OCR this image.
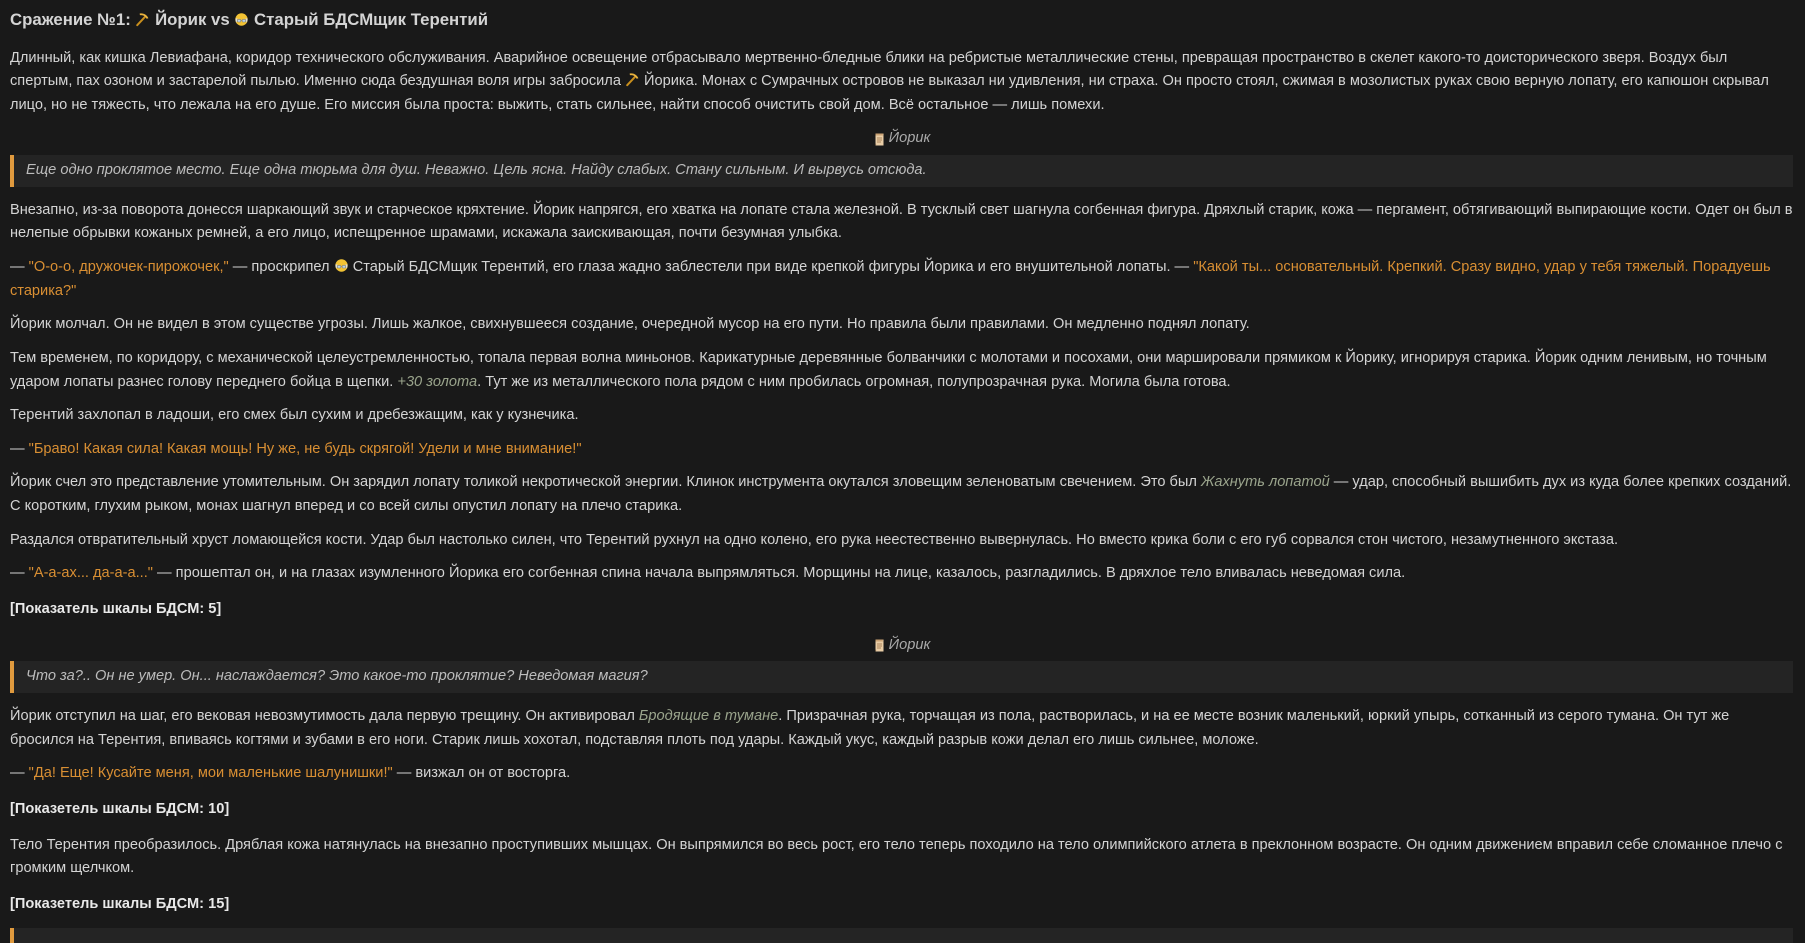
Сражение №1:  Йорик vs  Старый БДСМщик Терентий

Длинный, как кишка Левиафана, коридор технического обслуживания. Аварийное освещение отбрасывало мертвенно-бледные блики на ребристые металлические стены, превращая пространство в скелет какого-то доисторического зверя. Воздух был спертым, пах озоном и застарелой пылью. Именно сюда бездушная воля игры забросила  Йорика. Монах с Сумрачных островов не выказал ни удивления, ни страха. Он просто стоял, сжимая в мозолистых руках свою верную лопату, его капюшон скрывал лицо, но не тяжесть, что лежала на его душе. Его миссия была проста: выжить, стать сильнее, найти способ очистить свой дом. Всё остальное — лишь помехи.

Йорик
Еще одно проклятое место. Еще одна тюрьма для душ. Неважно. Цель ясна. Найду слабых. Стану сильным. И вырвусь отсюда.

Внезапно, из-за поворота донесся шаркающий звук и старческое кряхтение. Йорик напрягся, его хватка на лопате стала железной. В тусклый свет шагнула согбенная фигура. Дряхлый старик, кожа — пергамент, обтягивающий выпирающие кости. Одет он был в нелепые обрывки кожаных ремней, а его лицо, испещренное шрамами, искажала заискивающая, почти безумная улыбка.

— "О-о-о, дружочек-пирожочек," — проскрипел  Старый БДСМщик Терентий, его глаза жадно заблестели при виде крепкой фигуры Йорика и его внушительной лопаты. — "Какой ты... основательный. Крепкий. Сразу видно, удар у тебя тяжелый. Порадуешь старика?"

Йорик молчал. Он не видел в этом существе угрозы. Лишь жалкое, свихнувшееся создание, очередной мусор на его пути. Но правила были правилами. Он медленно поднял лопату.

Тем временем, по коридору, с механической целеустремленностью, топала первая волна миньонов. Карикатурные деревянные болванчики с молотами и посохами, они маршировали прямиком к Йорику, игнорируя старика. Йорик одним ленивым, но точным ударом лопаты разнес голову переднего бойца в щепки. +30 золота. Тут же из металлического пола рядом с ним пробилась огромная, полупрозрачная рука. Могила была готова.

Терентий захлопал в ладоши, его смех был сухим и дребезжащим, как у кузнечика.

— "Браво! Какая сила! Какая мощь! Ну же, не будь скрягой! Удели и мне внимание!"

Йорик счел это представление утомительным. Он зарядил лопату толикой некротической энергии. Клинок инструмента окутался зловещим зеленоватым свечением. Это был Жахнуть лопатой — удар, способный вышибить дух из куда более крепких созданий. С коротким, глухим рыком, монах шагнул вперед и со всей силы опустил лопату на плечо старика.

Раздался отвратительный хруст ломающейся кости. Удар был настолько силен, что Терентий рухнул на одно колено, его рука неестественно вывернулась. Но вместо крика боли с его губ сорвался стон чистого, незамутненного экстаза.

— "А-а-ах... да-а-а..." — прошептал он, и на глазах изумленного Йорика его согбенная спина начала выпрямляться. Морщины на лице, казалось, разгладились. В дряхлое тело вливалась неведомая сила.

[Показатель шкалы БДСМ: 5]
Йорик
Что за?.. Он не умер. Он... наслаждается? Это какое-то проклятие? Неведомая магия?

Йорик отступил на шаг, его вековая невозмутимость дала первую трещину. Он активировал Бродящие в тумане. Призрачная рука, торчащая из пола, растворилась, и на ее месте возник маленький, юркий упырь, сотканный из серого тумана. Он тут же бросился на Терентия, впиваясь когтями и зубами в его ноги. Старик лишь хохотал, подставляя плоть под удары. Каждый укус, каждый разрыв кожи делал его лишь сильнее, моложе.

— "Да! Еще! Кусайте меня, мои маленькие шалунишки!" — визжал он от восторга.

[Показетель шкалы БДСМ: 10]

Тело Терентия преобразилось. Дряблая кожа натянулась на внезапно проступивших мышцах. Он выпрямился во весь рост, его тело теперь походило на тело олимпийского атлета в преклонном возрасте. Он одним движением вправил себе сломанное плечо с громким щелчком.

[Показетель шкалы БДСМ: 15]
